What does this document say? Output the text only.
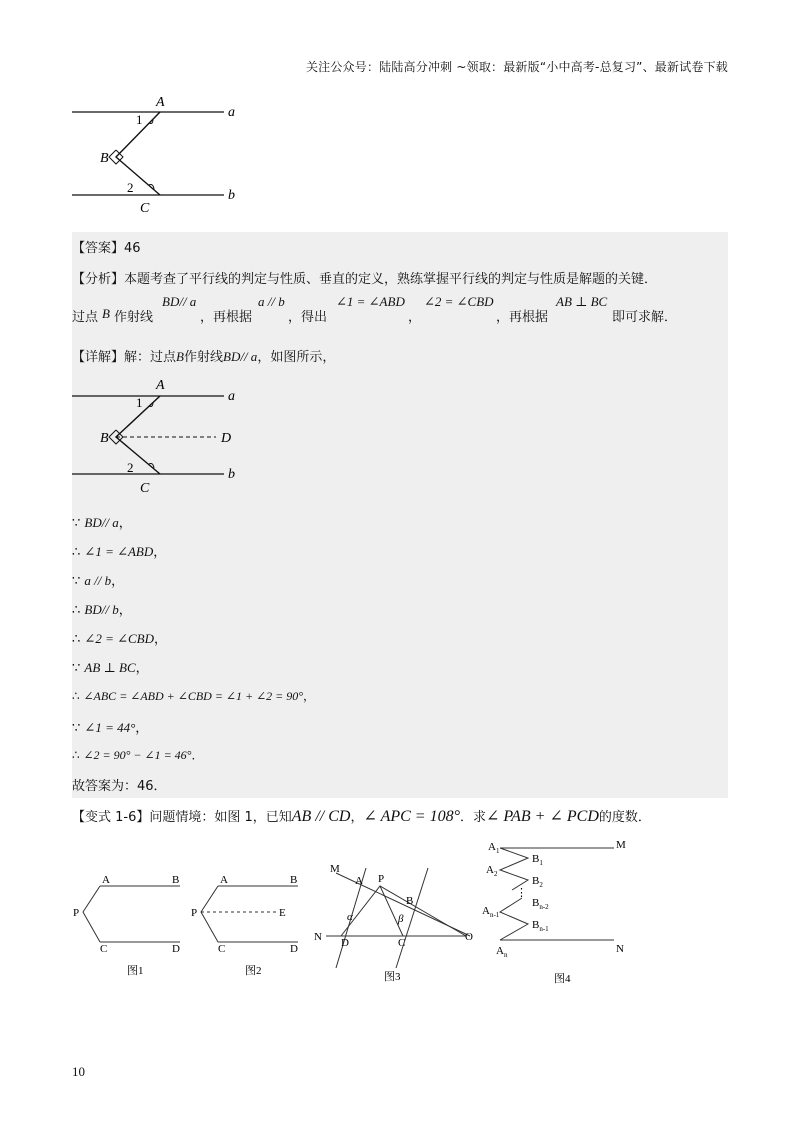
关注公众号：陆陆高分冲刺 ~领取：最新版“小中高考-总复习”、最新试卷下载
A
1
B
2
C
a
b
【答案】46
【分析】本题考查了平行线的判定与性质、垂直的定义，熟练掌握平行线的判定与性质是解题的关键．
过点 B 作射线
BD// a
，再根据
a // b
，得出
∠1 = ∠ABD
，
∠2 = ∠CBD
，再根据
AB ⊥ BC
即可求解．
【详解】解：过点B作射线BD// a，如图所示，
A
1
B	D
2
C
a
b
∵ BD// a，
∴ ∠1 = ∠ABD，
∵ a // b，
∴ BD// b，
∴ ∠2 = ∠CBD，
∵ AB ⊥ BC，
∴ ∠ABC = ∠ABD + ∠CBD = ∠1 + ∠2 = 90°，
∵ ∠1 = 44°，
∴ ∠2 = 90° − ∠1 = 46°．
故答案为：46．
【变式 1-6】问题情境：如图 1，已知AB // CD，∠ APC = 108°．求∠ PAB + ∠ PCD的度数．
A	B
P
C	D
图1
A	B
P	E
C	D
图2
M
A P
B
α	β
N D	C	O
图3
$A_1$	M
$B_1$
$A_2$
$B_2$
⋮
$B_{n-2}$
$A_{n-1}$
$B_{n-1}$
$A_n$	N
图4
10
